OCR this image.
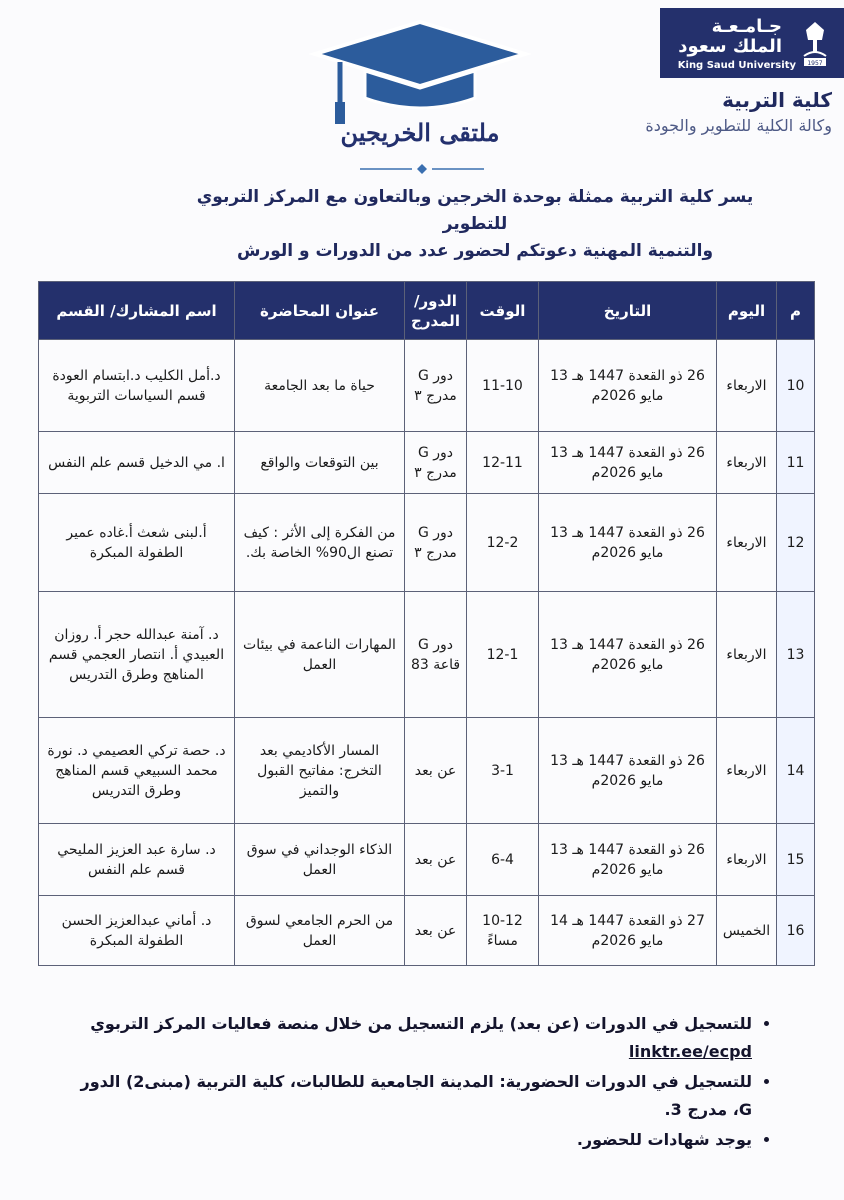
جـامـعـة
الملك سعود
King Saud University 1957
كلية التربية
وكالة الكلية للتطوير والجودة
ملتقى الخريجين
يسر كلية التربية ممثلة بوحدة الخرجين وبالتعاون مع المركز التربوي للتطوير
والتنمية المهنية دعوتكم لحضور عدد من الدورات و الورش
م	اليوم	التاريخ	الوقت	الدور/ المدرج	عنوان المحاضرة	اسم المشارك/ القسم
10	الاربعاء	26 ذو القعدة 1447 هـ 13 مايو 2026م	11-10	دور G مدرج ٣	حياة ما بعد الجامعة	د.أمل الكليب د.ابتسام العودة قسم السياسات التربوية
11	الاربعاء	26 ذو القعدة 1447 هـ 13 مايو 2026م	12-11	دور G مدرج ٣	بين التوقعات والواقع	ا. مي الدخيل قسم علم النفس
12	الاربعاء	26 ذو القعدة 1447 هـ 13 مايو 2026م	12-2	دور G مدرج ٣	من الفكرة إلى الأثر : كيف تصنع ال90% الخاصة بك.	أ.لبنى شعث أ.غاده عمير الطفولة المبكرة
13	الاربعاء	26 ذو القعدة 1447 هـ 13 مايو 2026م	12-1	دور G قاعة 83	المهارات الناعمة في بيئات العمل	د. آمنة عبدالله حجر أ. روزان العبيدي أ. انتصار العجمي قسم المناهج وطرق التدريس
14	الاربعاء	26 ذو القعدة 1447 هـ 13 مايو 2026م	3-1	عن بعد	المسار الأكاديمي بعد التخرج: مفاتيح القبول والتميز	د. حصة تركي العصيمي د. نورة محمد السبيعي قسم المناهج وطرق التدريس
15	الاربعاء	26 ذو القعدة 1447 هـ 13 مايو 2026م	6-4	عن بعد	الذكاء الوجداني في سوق العمل	د. سارة عبد العزيز المليحي قسم علم النفس
16	الخميس	27 ذو القعدة 1447 هـ 14 مايو 2026م	10-12 مساءً	عن بعد	من الحرم الجامعي لسوق العمل	د. أماني عبدالعزيز الحسن الطفولة المبكرة
• للتسجيل في الدورات (عن بعد) يلزم التسجيل من خلال منصة فعاليات المركز التربوي
linktr.ee/ecpd
• للتسجيل في الدورات الحضورية: المدينة الجامعية للطالبات، كلية التربية (مبنى2) الدور G، مدرج 3.
• يوجد شهادات للحضور.
